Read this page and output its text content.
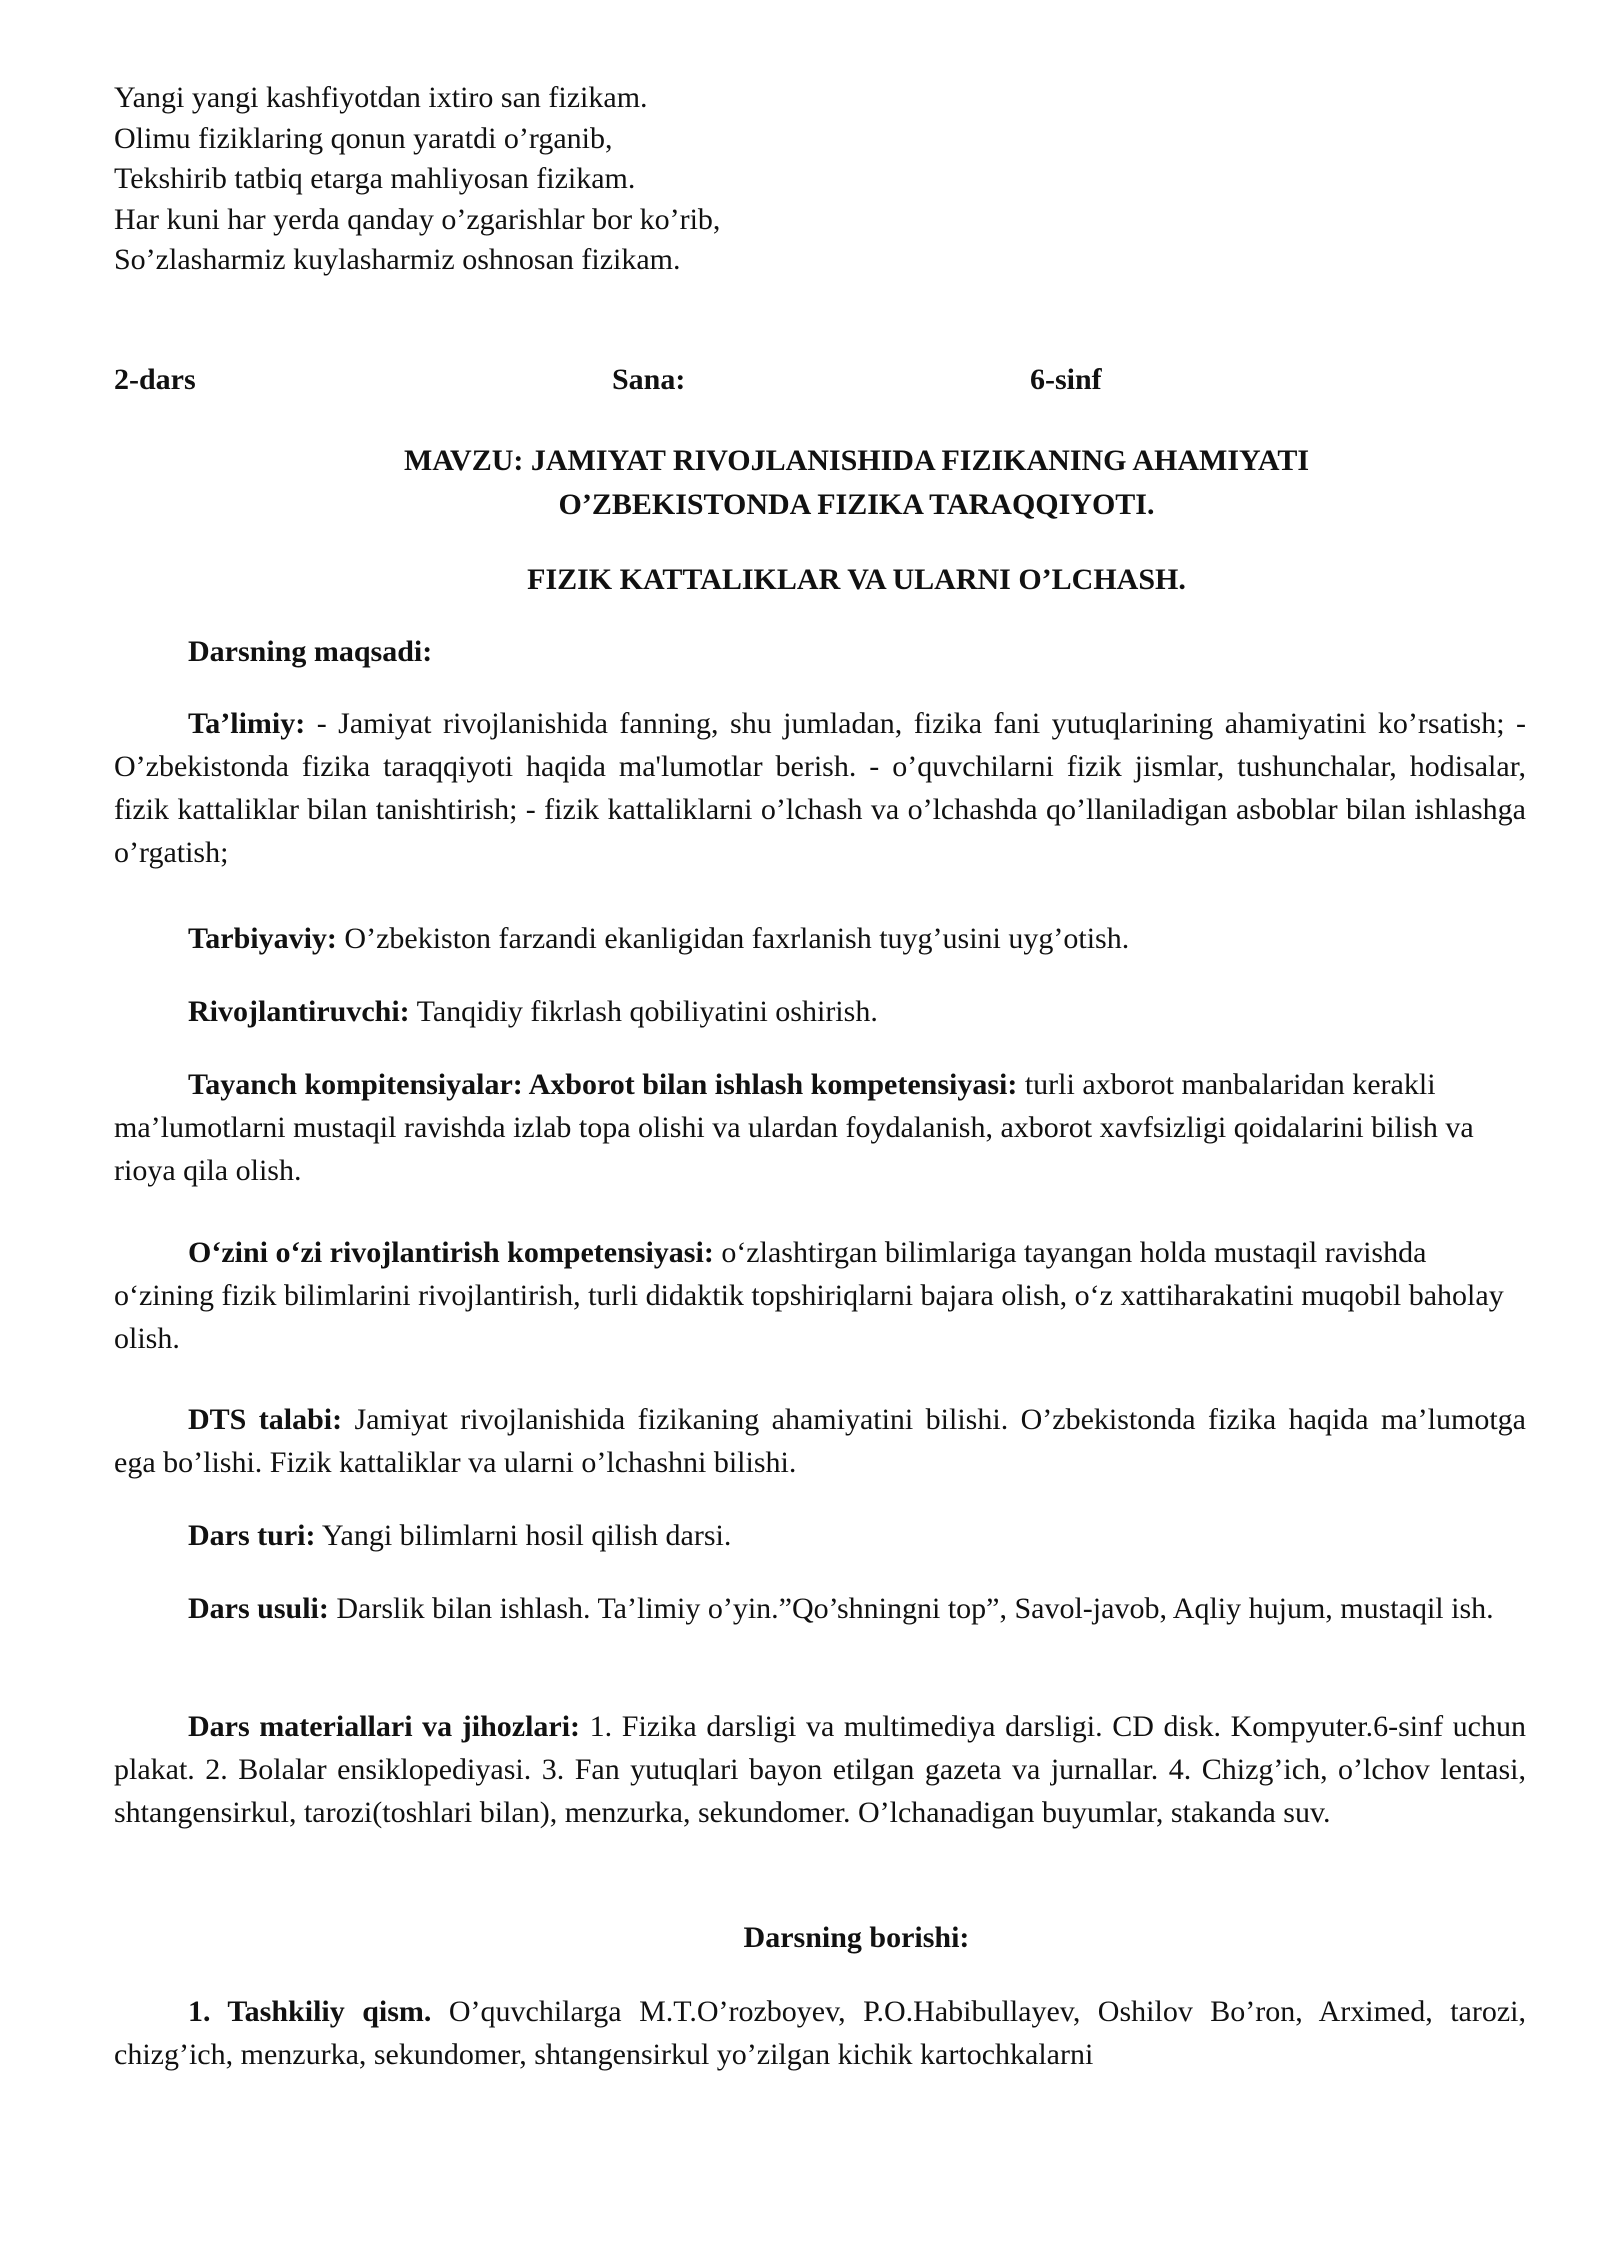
Yangi yangi kashfiyotdan ixtiro san fizikam.
Olimu fiziklaring qonun yaratdi o’rganib,
Tekshirib tatbiq etarga mahliyosan fizikam.
Har kuni har yerda qanday o’zgarishlar bor ko’rib,
So’zlasharmiz kuylasharmiz oshnosan fizikam.
2-dars	Sana:	6-sinf
MAVZU: JAMIYAT RIVOJLANISHIDA FIZIKANING AHAMIYATI
O’ZBEKISTONDA FIZIKA TARAQQIYOTI.
FIZIK KATTALIKLAR VA ULARNI O’LCHASH.
Darsning maqsadi:
Ta’limiy: - Jamiyat rivojlanishida fanning, shu jumladan, fizika fani yutuqlarining ahamiyatini ko’rsatish; - O’zbekistonda fizika taraqqiyoti haqida ma'lumotlar berish. - o’quvchilarni fizik jismlar, tushunchalar, hodisalar, fizik kattaliklar bilan tanishtirish; - fizik kattaliklarni o’lchash va o’lchashda qo’llaniladigan asboblar bilan ishlashga o’rgatish;
Tarbiyaviy: O’zbekiston farzandi ekanligidan faxrlanish tuyg’usini uyg’otish.
Rivojlantiruvchi: Tanqidiy fikrlash qobiliyatini oshirish.
Tayanch kompitensiyalar: Axborot bilan ishlash kompetensiyasi: turli axborot manbalaridan kerakli ma’lumotlarni mustaqil ravishda izlab topa olishi va ulardan foydalanish, axborot xavfsizligi qoidalarini bilish va rioya qila olish.
O‘zini o‘zi rivojlantirish kompetensiyasi: o‘zlashtirgan bilimlariga tayangan holda mustaqil ravishda o‘zining fizik bilimlarini rivojlantirish, turli didaktik topshiriqlarni bajara olish, o‘z xattiharakatini muqobil baholay olish.
DTS talabi: Jamiyat rivojlanishida fizikaning ahamiyatini bilishi. O’zbekistonda fizika haqida ma’lumotga ega bo’lishi. Fizik kattaliklar va ularni o’lchashni bilishi.
Dars turi: Yangi bilimlarni hosil qilish darsi.
Dars usuli: Darslik bilan ishlash. Ta’limiy o’yin.”Qo’shningni top”, Savol-javob, Aqliy hujum, mustaqil ish.
Dars materiallari va jihozlari: 1. Fizika darsligi va multimediya darsligi. CD disk. Kompyuter.6-sinf uchun plakat. 2. Bolalar ensiklopediyasi. 3. Fan yutuqlari bayon etilgan gazeta va jurnallar. 4. Chizg’ich, o’lchov lentasi, shtangensirkul, tarozi(toshlari bilan), menzurka, sekundomer. O’lchanadigan buyumlar, stakanda suv.
Darsning borishi:
1. Tashkiliy qism. O’quvchilarga M.T.O’rozboyev, P.O.Habibullayev, Oshilov Bo’ron, Arximed, tarozi, chizg’ich, menzurka, sekundomer, shtangensirkul yo’zilgan kichik kartochkalarni
